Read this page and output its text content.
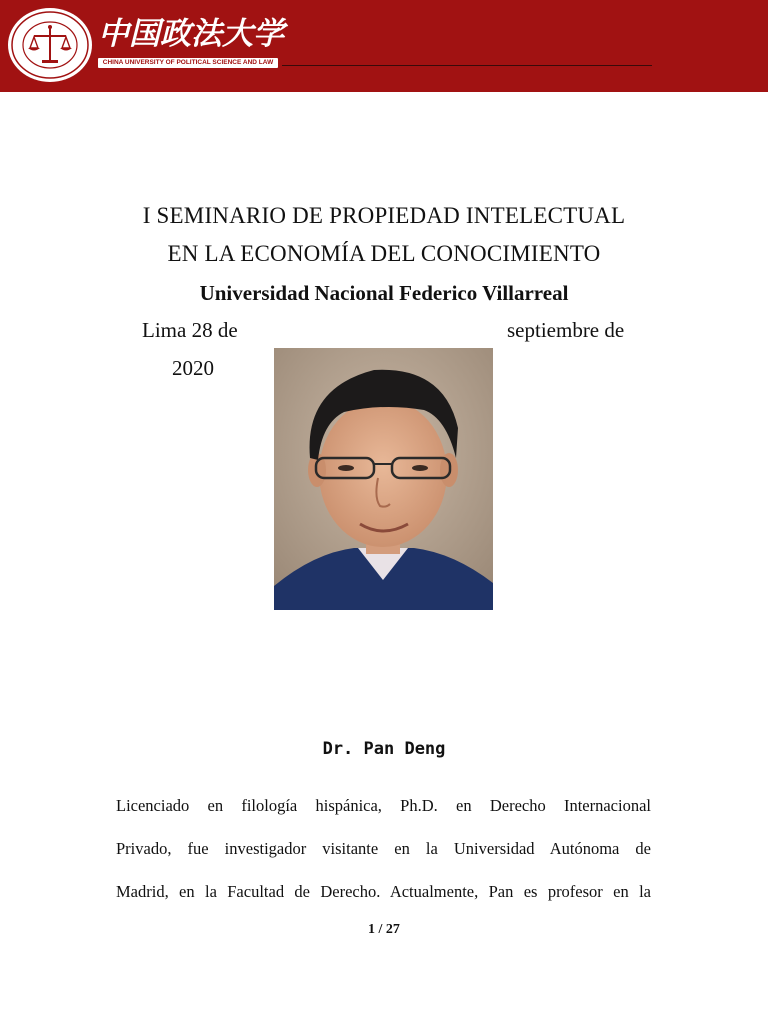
中国政法大学
CHINA UNIVERSITY OF POLITICAL SCIENCE AND LAW
I SEMINARIO DE PROPIEDAD INTELECTUAL
EN LA ECONOMÍA DEL CONOCIMIENTO
Universidad Nacional Federico Villarreal
Lima 28 de	septiembre de
2020
Dr. Pan Deng
Licenciado en filología hispánica, Ph.D. en Derecho Internacional
Privado, fue investigador visitante en la Universidad Autónoma de
Madrid, en la Facultad de Derecho. Actualmente, Pan es profesor en la
1 / 27
